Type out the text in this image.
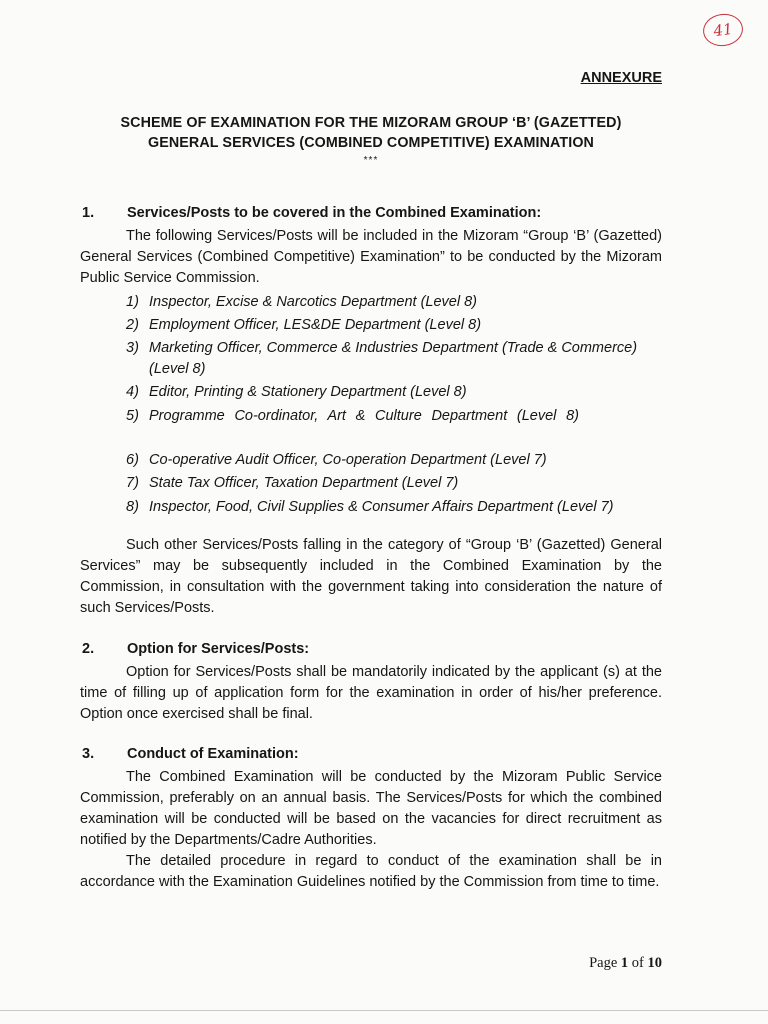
41
ANNEXURE
SCHEME OF EXAMINATION FOR THE MIZORAM GROUP ‘B’ (GAZETTED)
GENERAL SERVICES (COMBINED COMPETITIVE) EXAMINATION
***
1. Services/Posts to be covered in the Combined Examination:
The following Services/Posts will be included in the Mizoram “Group ‘B’ (Gazetted) General Services (Combined Competitive) Examination” to be conducted by the Mizoram Public Service Commission.
1) Inspector, Excise & Narcotics Department (Level 8)
2) Employment Officer, LES&DE Department (Level 8)
3) Marketing Officer, Commerce & Industries Department (Trade & Commerce) (Level 8)
4) Editor, Printing & Stationery Department (Level 8)
5) Programme Co-ordinator, Art & Culture Department (Level 8)
6) Co-operative Audit Officer, Co-operation Department (Level 7)
7) State Tax Officer, Taxation Department (Level 7)
8) Inspector, Food, Civil Supplies & Consumer Affairs Department (Level 7)
Such other Services/Posts falling in the category of “Group ‘B’ (Gazetted) General Services” may be subsequently included in the Combined Examination by the Commission, in consultation with the government taking into consideration the nature of such Services/Posts.
2. Option for Services/Posts:
Option for Services/Posts shall be mandatorily indicated by the applicant (s) at the time of filling up of application form for the examination in order of his/her preference. Option once exercised shall be final.
3. Conduct of Examination:
The Combined Examination will be conducted by the Mizoram Public Service Commission, preferably on an annual basis. The Services/Posts for which the combined examination will be conducted will be based on the vacancies for direct recruitment as notified by the Departments/Cadre Authorities.
The detailed procedure in regard to conduct of the examination shall be in accordance with the Examination Guidelines notified by the Commission from time to time.
Page 1 of 10
